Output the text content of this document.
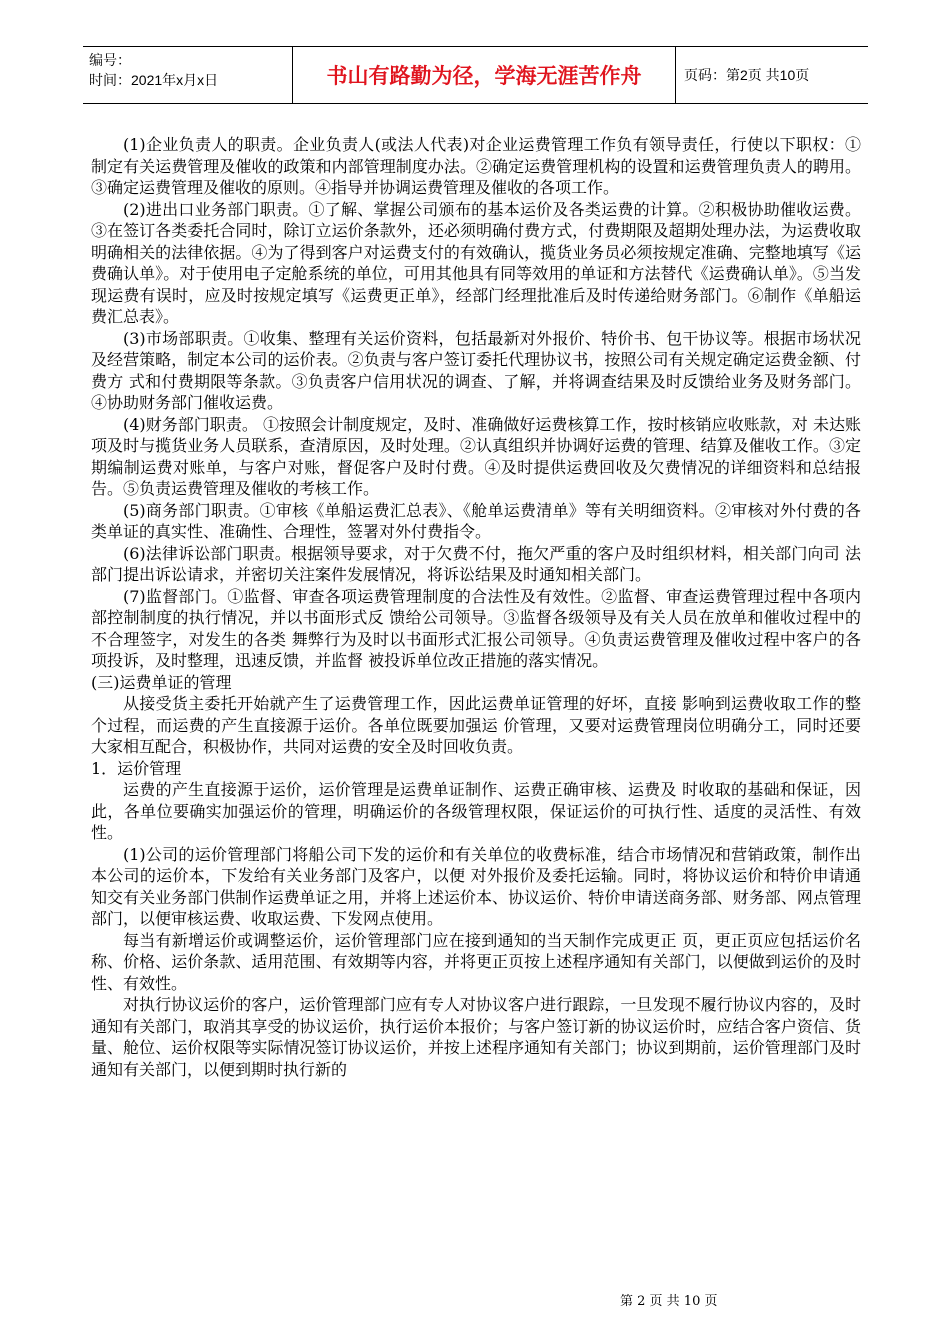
编号：
时间：2021年x月x日	书山有路勤为径，学海无涯苦作舟	页码：第2页 共10页

(1)企业负责人的职责。企业负责人(或法人代表)对企业运费管理工作负有领导责任，行使以下职权：①制定有关运费管理及催收的政策和内部管理制度办法。②确定运费管理机构的设置和运费管理负责人的聘用。③确定运费管理及催收的原则。④指导并协调运费管理及催收的各项工作。

(2)进出口业务部门职责。①了解、掌握公司颁布的基本运价及各类运费的计算。②积极协助催收运费。③在签订各类委托合同时，除订立运价条款外，还必须明确付费方式，付费期限及超期处理办法，为运费收取明确相关的法律依据。④为了得到客户对运费支付的有效确认，揽货业务员必须按规定准确、完整地填写《运费确认单》。对于使用电子定舱系统的单位，可用其他具有同等效用的单证和方法替代《运费确认单》。⑤当发现运费有误时，应及时按规定填写《运费更正单》，经部门经理批准后及时传递给财务部门。⑥制作《单船运费汇总表》。

(3)市场部职责。①收集、整理有关运价资料，包括最新对外报价、特价书、包干协议等。根据市场状况及经营策略，制定本公司的运价表。②负责与客户签订委托代理协议书，按照公司有关规定确定运费金额、付费方 式和付费期限等条款。③负责客户信用状况的调查、了解，并将调查结果及时反馈给业务及财务部门。④协助财务部门催收运费。

(4)财务部门职责。 ①按照会计制度规定，及时、准确做好运费核算工作，按时核销应收账款，对 未达账项及时与揽货业务人员联系，查清原因，及时处理。②认真组织并协调好运费的管理、结算及催收工作。③定期编制运费对账单，与客户对账，督促客户及时付费。④及时提供运费回收及欠费情况的详细资料和总结报告。⑤负责运费管理及催收的考核工作。

(5)商务部门职责。①审核《单船运费汇总表》、《舱单运费清单》等有关明细资料。②审核对外付费的各类单证的真实性、准确性、合理性，签署对外付费指令。

(6)法律诉讼部门职责。根据领导要求，对于欠费不付，拖欠严重的客户及时组织材料，相关部门向司 法部门提出诉讼请求，并密切关注案件发展情况，将诉讼结果及时通知相关部门。

(7)监督部门。①监督、审查各项运费管理制度的合法性及有效性。②监督、审查运费管理过程中各项内部控制制度的执行情况，并以书面形式反 馈给公司领导。③监督各级领导及有关人员在放单和催收过程中的不合理签字，对发生的各类 舞弊行为及时以书面形式汇报公司领导。④负责运费管理及催收过程中客户的各项投诉，及时整理，迅速反馈，并监督 被投诉单位改正措施的落实情况。

(三)运费单证的管理

从接受货主委托开始就产生了运费管理工作，因此运费单证管理的好坏，直接 影响到运费收取工作的整个过程，而运费的产生直接源于运价。各单位既要加强运 价管理，又要对运费管理岗位明确分工，同时还要大家相互配合，积极协作，共同对运费的安全及时回收负责。

1．运价管理

运费的产生直接源于运价，运价管理是运费单证制作、运费正确审核、运费及 时收取的基础和保证，因此，各单位要确实加强运价的管理，明确运价的各级管理权限，保证运价的可执行性、适度的灵活性、有效性。

(1)公司的运价管理部门将船公司下发的运价和有关单位的收费标准，结合市场情况和营销政策，制作出本公司的运价本，下发给有关业务部门及客户，以便 对外报价及委托运输。同时，将协议运价和特价申请通知交有关业务部门供制作运费单证之用，并将上述运价本、协议运价、特价申请送商务部、财务部、网点管理部门，以便审核运费、收取运费、下发网点使用。

每当有新增运价或调整运价，运价管理部门应在接到通知的当天制作完成更正 页，更正页应包括运价名称、价格、运价条款、适用范围、有效期等内容，并将更正页按上述程序通知有关部门，以便做到运价的及时性、有效性。

对执行协议运价的客户，运价管理部门应有专人对协议客户进行跟踪，一旦发现不履行协议内容的，及时通知有关部门，取消其享受的协议运价，执行运价本报价；与客户签订新的协议运价时，应结合客户资信、货量、舱位、运价权限等实际情况签订协议运价，并按上述程序通知有关部门；协议到期前，运价管理部门及时通知有关部门，以便到期时执行新的

第 2 页 共 10 页
